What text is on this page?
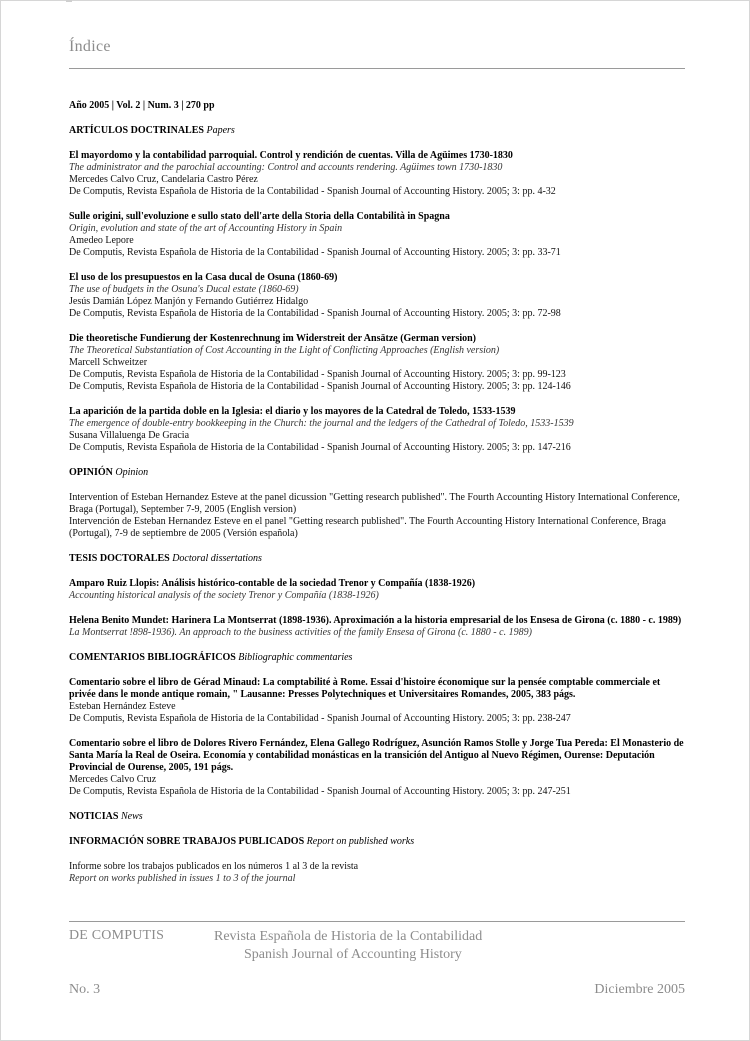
Índice
Año 2005 | Vol. 2 | Num. 3 | 270 pp
ARTÍCULOS DOCTRINALES Papers
El mayordomo y la contabilidad parroquial. Control y rendición de cuentas. Villa de Agüimes 1730-1830
The administrator and the parochial accounting: Control and accounts rendering. Agüimes town 1730-1830
Mercedes Calvo Cruz, Candelaria Castro Pérez
De Computis, Revista Española de Historia de la Contabilidad - Spanish Journal of Accounting History. 2005; 3: pp. 4-32
Sulle origini, sull'evoluzione e sullo stato dell'arte della Storia della Contabilità in Spagna
Origin, evolution and state of the art of Accounting History in Spain
Amedeo Lepore
De Computis, Revista Española de Historia de la Contabilidad - Spanish Journal of Accounting History. 2005; 3: pp. 33-71
El uso de los presupuestos en la Casa ducal de Osuna (1860-69)
The use of budgets in the Osuna's Ducal estate (1860-69)
Jesús Damián López Manjón y Fernando Gutiérrez Hidalgo
De Computis, Revista Española de Historia de la Contabilidad - Spanish Journal of Accounting History. 2005; 3: pp. 72-98
Die theoretische Fundierung der Kostenrechnung im Widerstreit der Ansätze (German version)
The Theoretical Substantiation of Cost Accounting in the Light of Conflicting Approaches (English version)
Marcell Schweitzer
De Computis, Revista Española de Historia de la Contabilidad - Spanish Journal of Accounting History. 2005; 3: pp. 99-123
De Computis, Revista Española de Historia de la Contabilidad - Spanish Journal of Accounting History. 2005; 3: pp. 124-146
La aparición de la partida doble en la Iglesia: el diario y los mayores de la Catedral de Toledo, 1533-1539
The emergence of double-entry bookkeeping in the Church: the journal and the ledgers of the Cathedral of Toledo, 1533-1539
Susana Villaluenga De Gracia
De Computis, Revista Española de Historia de la Contabilidad - Spanish Journal of Accounting History. 2005; 3: pp. 147-216
OPINIÓN Opinion
Intervention of Esteban Hernandez Esteve at the panel dicussion "Getting research published". The Fourth Accounting History International Conference, Braga (Portugal), September 7-9, 2005 (English version)
Intervención de Esteban Hernandez Esteve en el panel "Getting research published". The Fourth Accounting History International Conference, Braga (Portugal), 7-9 de septiembre de 2005 (Versión española)
TESIS DOCTORALES Doctoral dissertations
Amparo Ruiz Llopis: Análisis histórico-contable de la sociedad Trenor y Compañía (1838-1926)
Accounting historical analysis of the society Trenor y Compañía (1838-1926)
Helena Benito Mundet: Harinera La Montserrat (1898-1936). Aproximación a la historia empresarial de los Ensesa de Girona (c. 1880 - c. 1989)
La Montserrat !898-1936). An approach to the business activities of the family Ensesa of Girona (c. 1880 - c. 1989)
COMENTARIOS BIBLIOGRÁFICOS Bibliographic commentaries
Comentario sobre el libro de Gérad Minaud: La comptabilité à Rome. Essai d'histoire économique sur la pensée comptable commerciale et privée dans le monde antique romain, " Lausanne: Presses Polytechniques et Universitaires Romandes, 2005, 383 págs.
Esteban Hernández Esteve
De Computis, Revista Española de Historia de la Contabilidad - Spanish Journal of Accounting History. 2005; 3: pp. 238-247
Comentario sobre el libro de Dolores Rivero Fernández, Elena Gallego Rodríguez, Asunción Ramos Stolle y Jorge Tua Pereda: El Monasterio de Santa María la Real de Oseira. Economía y contabilidad monásticas en la transición del Antiguo al Nuevo Régimen, Ourense: Deputación Provincial de Ourense, 2005, 191 págs.
Mercedes Calvo Cruz
De Computis, Revista Española de Historia de la Contabilidad - Spanish Journal of Accounting History. 2005; 3: pp. 247-251
NOTICIAS News
INFORMACIÓN SOBRE TRABAJOS PUBLICADOS Report on published works
Informe sobre los trabajos publicados en los números 1 al 3 de la revista
Report on works published in issues 1 to 3 of the journal
DE COMPUTIS	Revista Española de Historia de la Contabilidad
Spanish Journal of Accounting History
No. 3	Diciembre 2005
